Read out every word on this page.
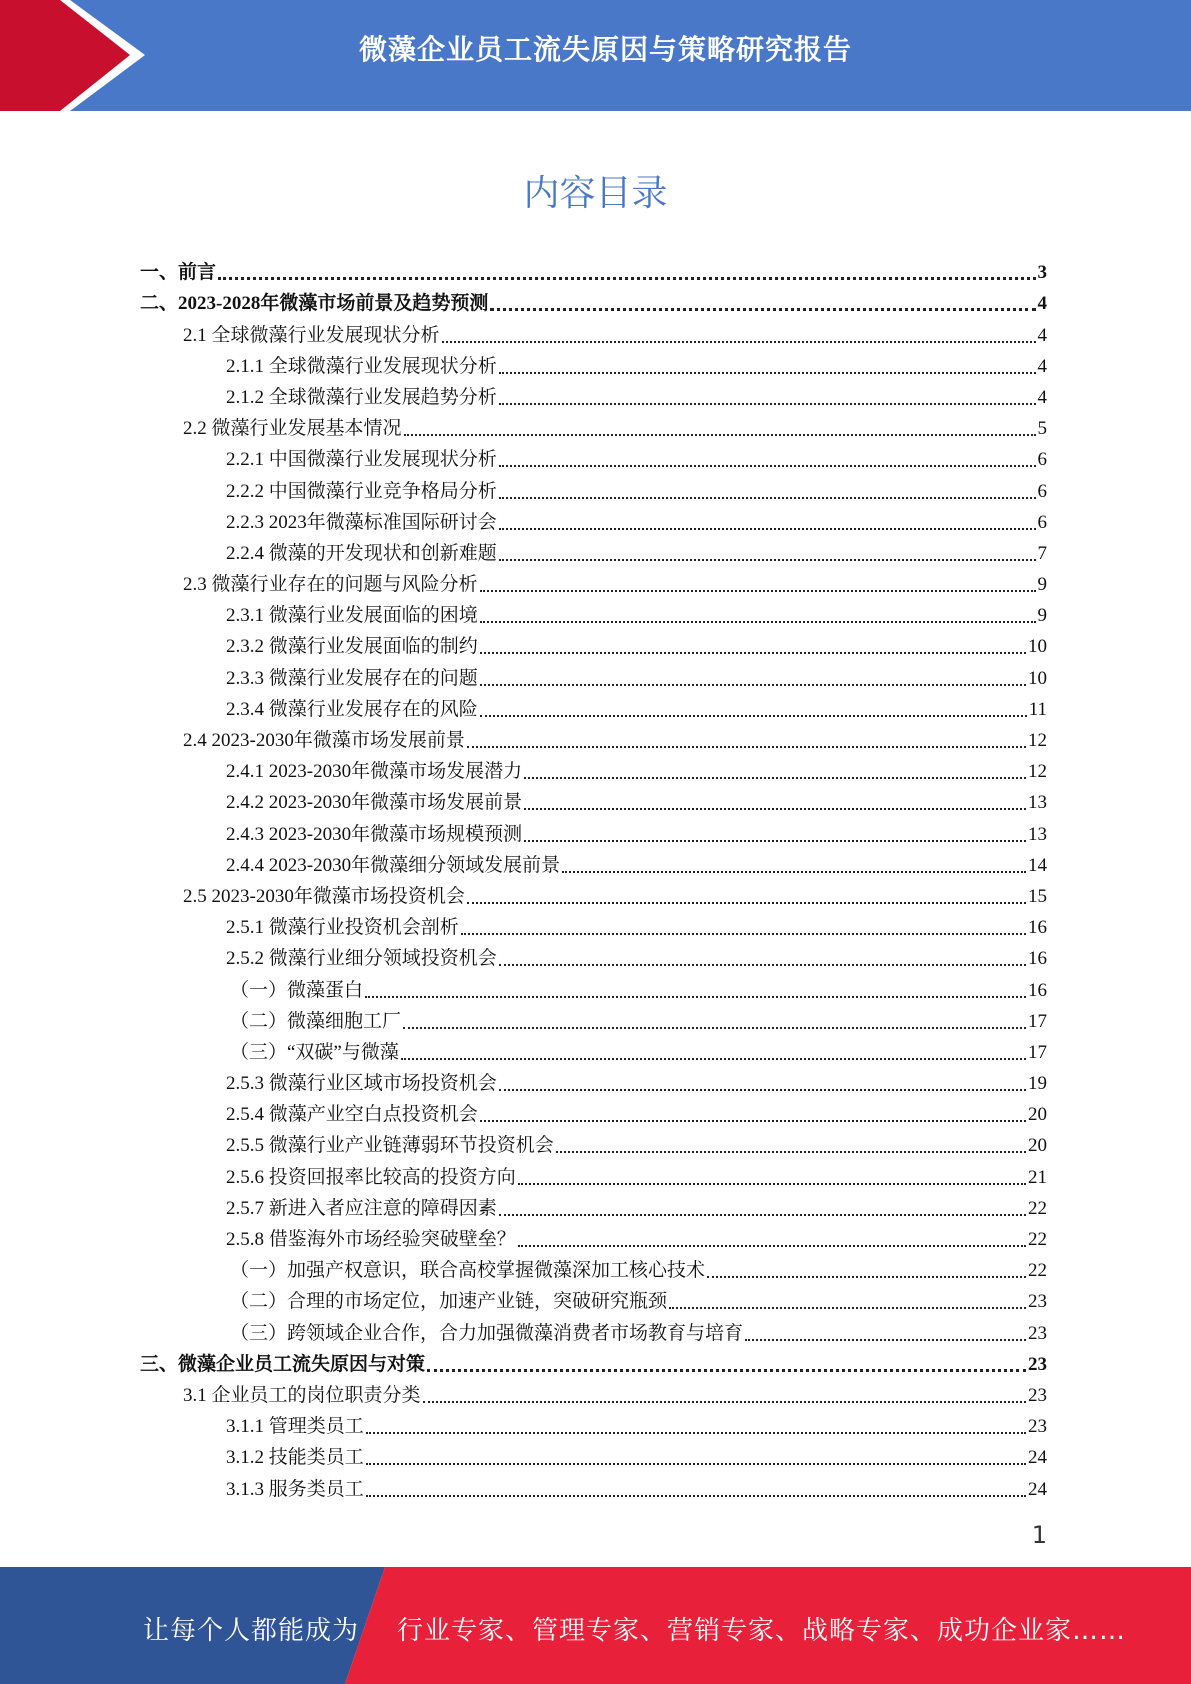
微藻企业员工流失原因与策略研究报告
内容目录
一、前言	3
二、2023-2028年微藻市场前景及趋势预测	4
2.1 全球微藻行业发展现状分析	4
2.1.1 全球微藻行业发展现状分析	4
2.1.2 全球微藻行业发展趋势分析	4
2.2 微藻行业发展基本情况	5
2.2.1 中国微藻行业发展现状分析	6
2.2.2 中国微藻行业竞争格局分析	6
2.2.3 2023年微藻标准国际研讨会	6
2.2.4 微藻的开发现状和创新难题	7
2.3 微藻行业存在的问题与风险分析	9
2.3.1 微藻行业发展面临的困境	9
2.3.2 微藻行业发展面临的制约	10
2.3.3 微藻行业发展存在的问题	10
2.3.4 微藻行业发展存在的风险	11
2.4 2023-2030年微藻市场发展前景	12
2.4.1 2023-2030年微藻市场发展潜力	12
2.4.2 2023-2030年微藻市场发展前景	13
2.4.3 2023-2030年微藻市场规模预测	13
2.4.4 2023-2030年微藻细分领域发展前景	14
2.5 2023-2030年微藻市场投资机会	15
2.5.1 微藻行业投资机会剖析	16
2.5.2 微藻行业细分领域投资机会	16
（一）微藻蛋白	16
（二）微藻细胞工厂	17
（三）“双碳”与微藻	17
2.5.3 微藻行业区域市场投资机会	19
2.5.4 微藻产业空白点投资机会	20
2.5.5 微藻行业产业链薄弱环节投资机会	20
2.5.6 投资回报率比较高的投资方向	21
2.5.7 新进入者应注意的障碍因素	22
2.5.8 借鉴海外市场经验突破壁垒？	22
（一）加强产权意识，联合高校掌握微藻深加工核心技术	22
（二）合理的市场定位，加速产业链，突破研究瓶颈	23
（三）跨领域企业合作，合力加强微藻消费者市场教育与培育	23
三、微藻企业员工流失原因与对策	23
3.1 企业员工的岗位职责分类	23
3.1.1 管理类员工	23
3.1.2 技能类员工	24
3.1.3 服务类员工	24
1
让每个人都能成为 行业专家、管理专家、营销专家、战略专家、成功企业家……
